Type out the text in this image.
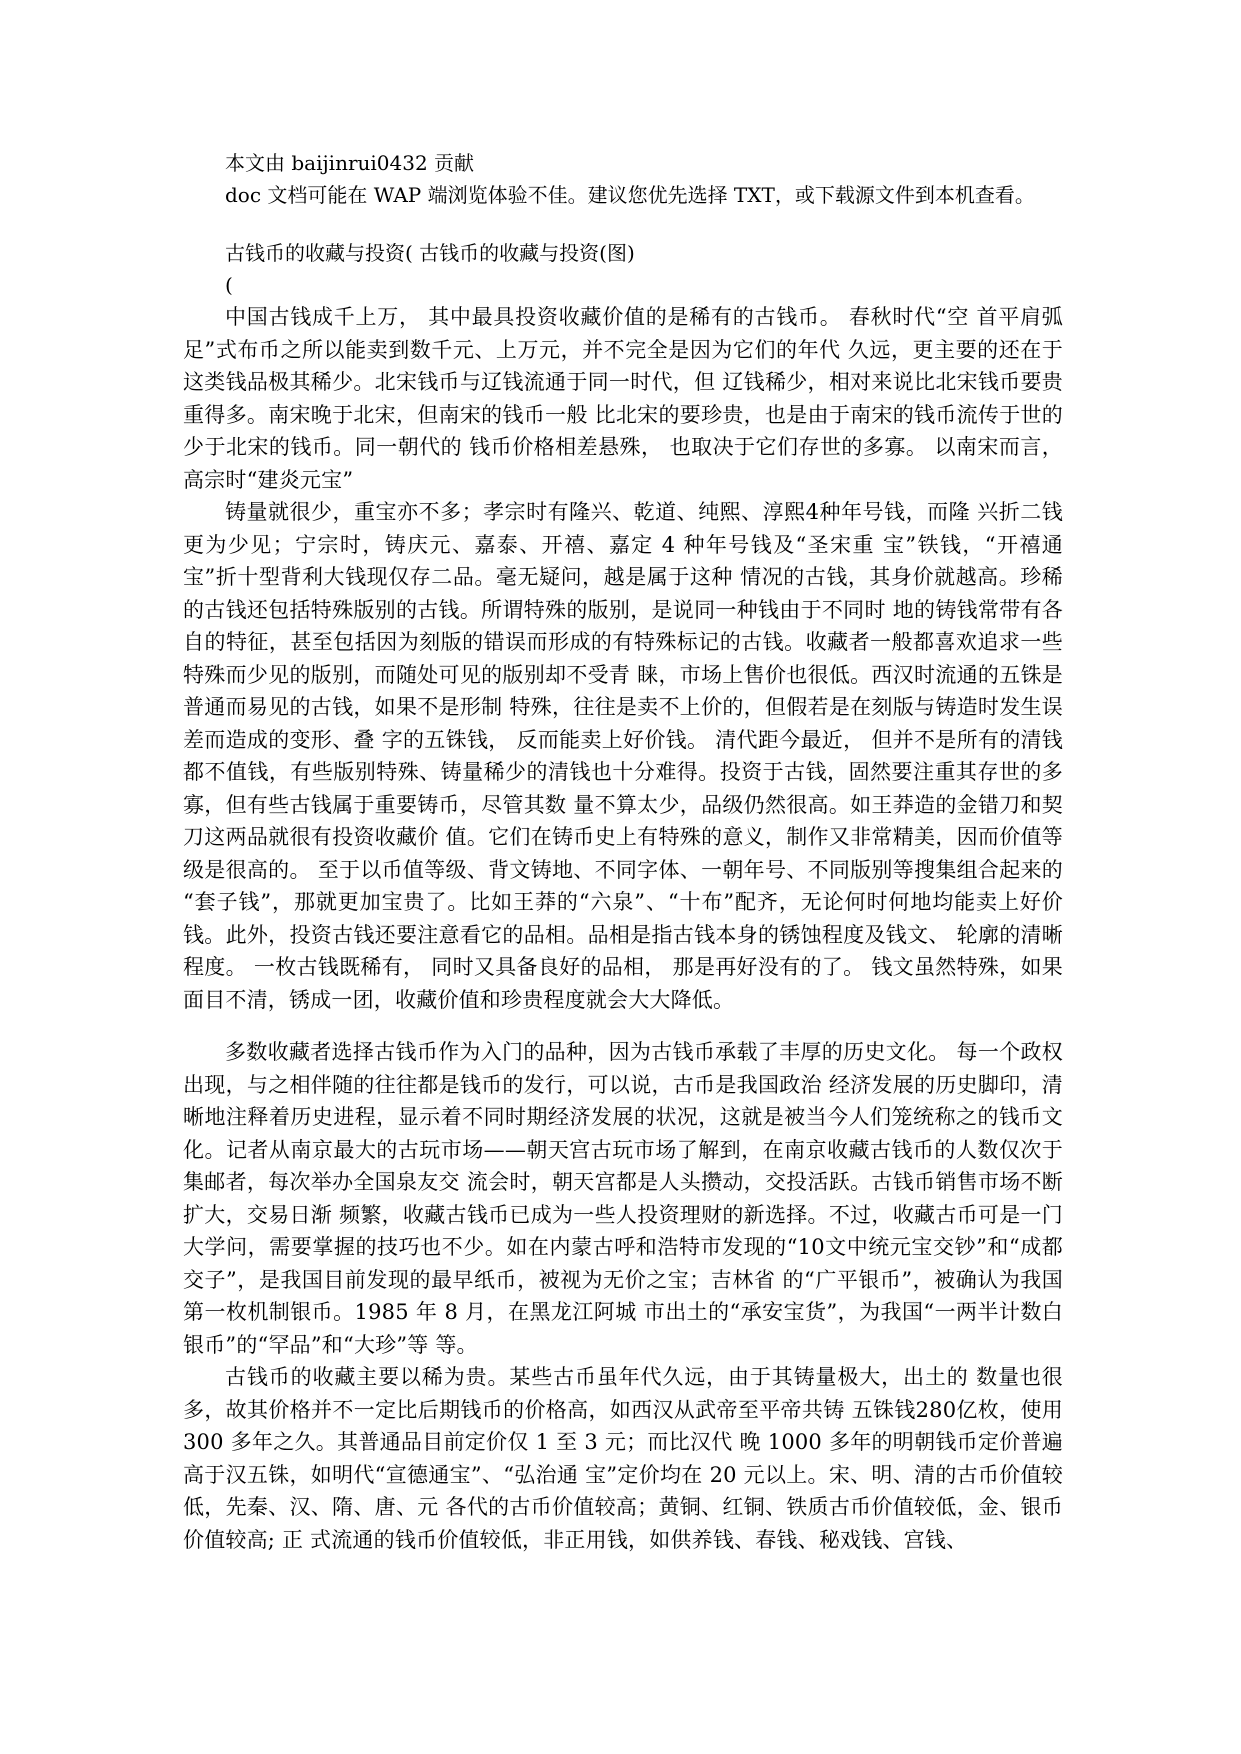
本文由 baijinrui0432 贡献
doc 文档可能在 WAP 端浏览体验不佳。建议您优先选择 TXT，或下载源文件到本机查看。
古钱币的收藏与投资( 古钱币的收藏与投资(图)
(

中国古钱成千上万， 其中最具投资收藏价值的是稀有的古钱币。 春秋时代“空 首平肩弧足”式布币之所以能卖到数千元、上万元，并不完全是因为它们的年代 久远，更主要的还在于这类钱品极其稀少。北宋钱币与辽钱流通于同一时代，但 辽钱稀少，相对来说比北宋钱币要贵重得多。南宋晚于北宋，但南宋的钱币一般 比北宋的要珍贵，也是由于南宋的钱币流传于世的少于北宋的钱币。同一朝代的 钱币价格相差悬殊， 也取决于它们存世的多寡。 以南宋而言， 高宗时“建炎元宝”

铸量就很少，重宝亦不多；孝宗时有隆兴、乾道、纯熙、淳熙4种年号钱，而隆 兴折二钱更为少见；宁宗时，铸庆元、嘉泰、开禧、嘉定 4 种年号钱及“圣宋重 宝”铁钱，“开禧通宝”折十型背利大钱现仅存二品。毫无疑问，越是属于这种 情况的古钱，其身价就越高。珍稀的古钱还包括特殊版别的古钱。所谓特殊的版别，是说同一种钱由于不同时 地的铸钱常带有各自的特征，甚至包括因为刻版的错误而形成的有特殊标记的古钱。收藏者一般都喜欢追求一些特殊而少见的版别，而随处可见的版别却不受青 睐，市场上售价也很低。西汉时流通的五铢是普通而易见的古钱，如果不是形制 特殊，往往是卖不上价的，但假若是在刻版与铸造时发生误差而造成的变形、叠 字的五铢钱， 反而能卖上好价钱。 清代距今最近， 但并不是所有的清钱都不值钱，有些版别特殊、铸量稀少的清钱也十分难得。投资于古钱，固然要注重其存世的多寡，但有些古钱属于重要铸币，尽管其数 量不算太少，品级仍然很高。如王莽造的金错刀和契刀这两品就很有投资收藏价 值。它们在铸币史上有特殊的意义，制作又非常精美，因而价值等级是很高的。 至于以币值等级、背文铸地、不同字体、一朝年号、不同版别等搜集组合起来的 “套子钱”，那就更加宝贵了。比如王莽的“六泉”、“十布”配齐，无论何时何地均能卖上好价钱。此外，投资古钱还要注意看它的品相。品相是指古钱本身的锈蚀程度及钱文、 轮廓的清晰程度。 一枚古钱既稀有， 同时又具备良好的品相， 那是再好没有的了。 钱文虽然特殊，如果面目不清，锈成一团，收藏价值和珍贵程度就会大大降低。

多数收藏者选择古钱币作为入门的品种，因为古钱币承载了丰厚的历史文化。 每一个政权出现，与之相伴随的往往都是钱币的发行，可以说，古币是我国政治 经济发展的历史脚印，清晰地注释着历史进程，显示着不同时期经济发展的状况，这就是被当今人们笼统称之的钱币文化。记者从南京最大的古玩市场——朝天宫古玩市场了解到，在南京收藏古钱币的人数仅次于集邮者，每次举办全国泉友交 流会时，朝天宫都是人头攒动，交投活跃。古钱币销售市场不断扩大，交易日渐 频繁，收藏古钱币已成为一些人投资理财的新选择。不过，收藏古币可是一门大学问，需要掌握的技巧也不少。如在内蒙古呼和浩特市发现的“10文中统元宝交钞”和“成都交子”，是我国目前发现的最早纸币，被视为无价之宝；吉林省 的“广平银币”，被确认为我国第一枚机制银币。1985 年 8 月，在黑龙江阿城 市出土的“承安宝货”，为我国“一两半计数白银币”的“罕品”和“大珍”等 等。

古钱币的收藏主要以稀为贵。某些古币虽年代久远，由于其铸量极大，出土的 数量也很多，故其价格并不一定比后期钱币的价格高，如西汉从武帝至平帝共铸 五铢钱280亿枚，使用 300 多年之久。其普通品目前定价仅 1 至 3 元；而比汉代 晚 1000 多年的明朝钱币定价普遍高于汉五铢，如明代“宣德通宝”、“弘治通 宝”定价均在 20 元以上。宋、明、清的古币价值较低，先秦、汉、隋、唐、元 各代的古币价值较高；黄铜、红铜、铁质古币价值较低，金、银币价值较高; 正 式流通的钱币价值较低，非正用钱，如供养钱、春钱、秘戏钱、宫钱、
